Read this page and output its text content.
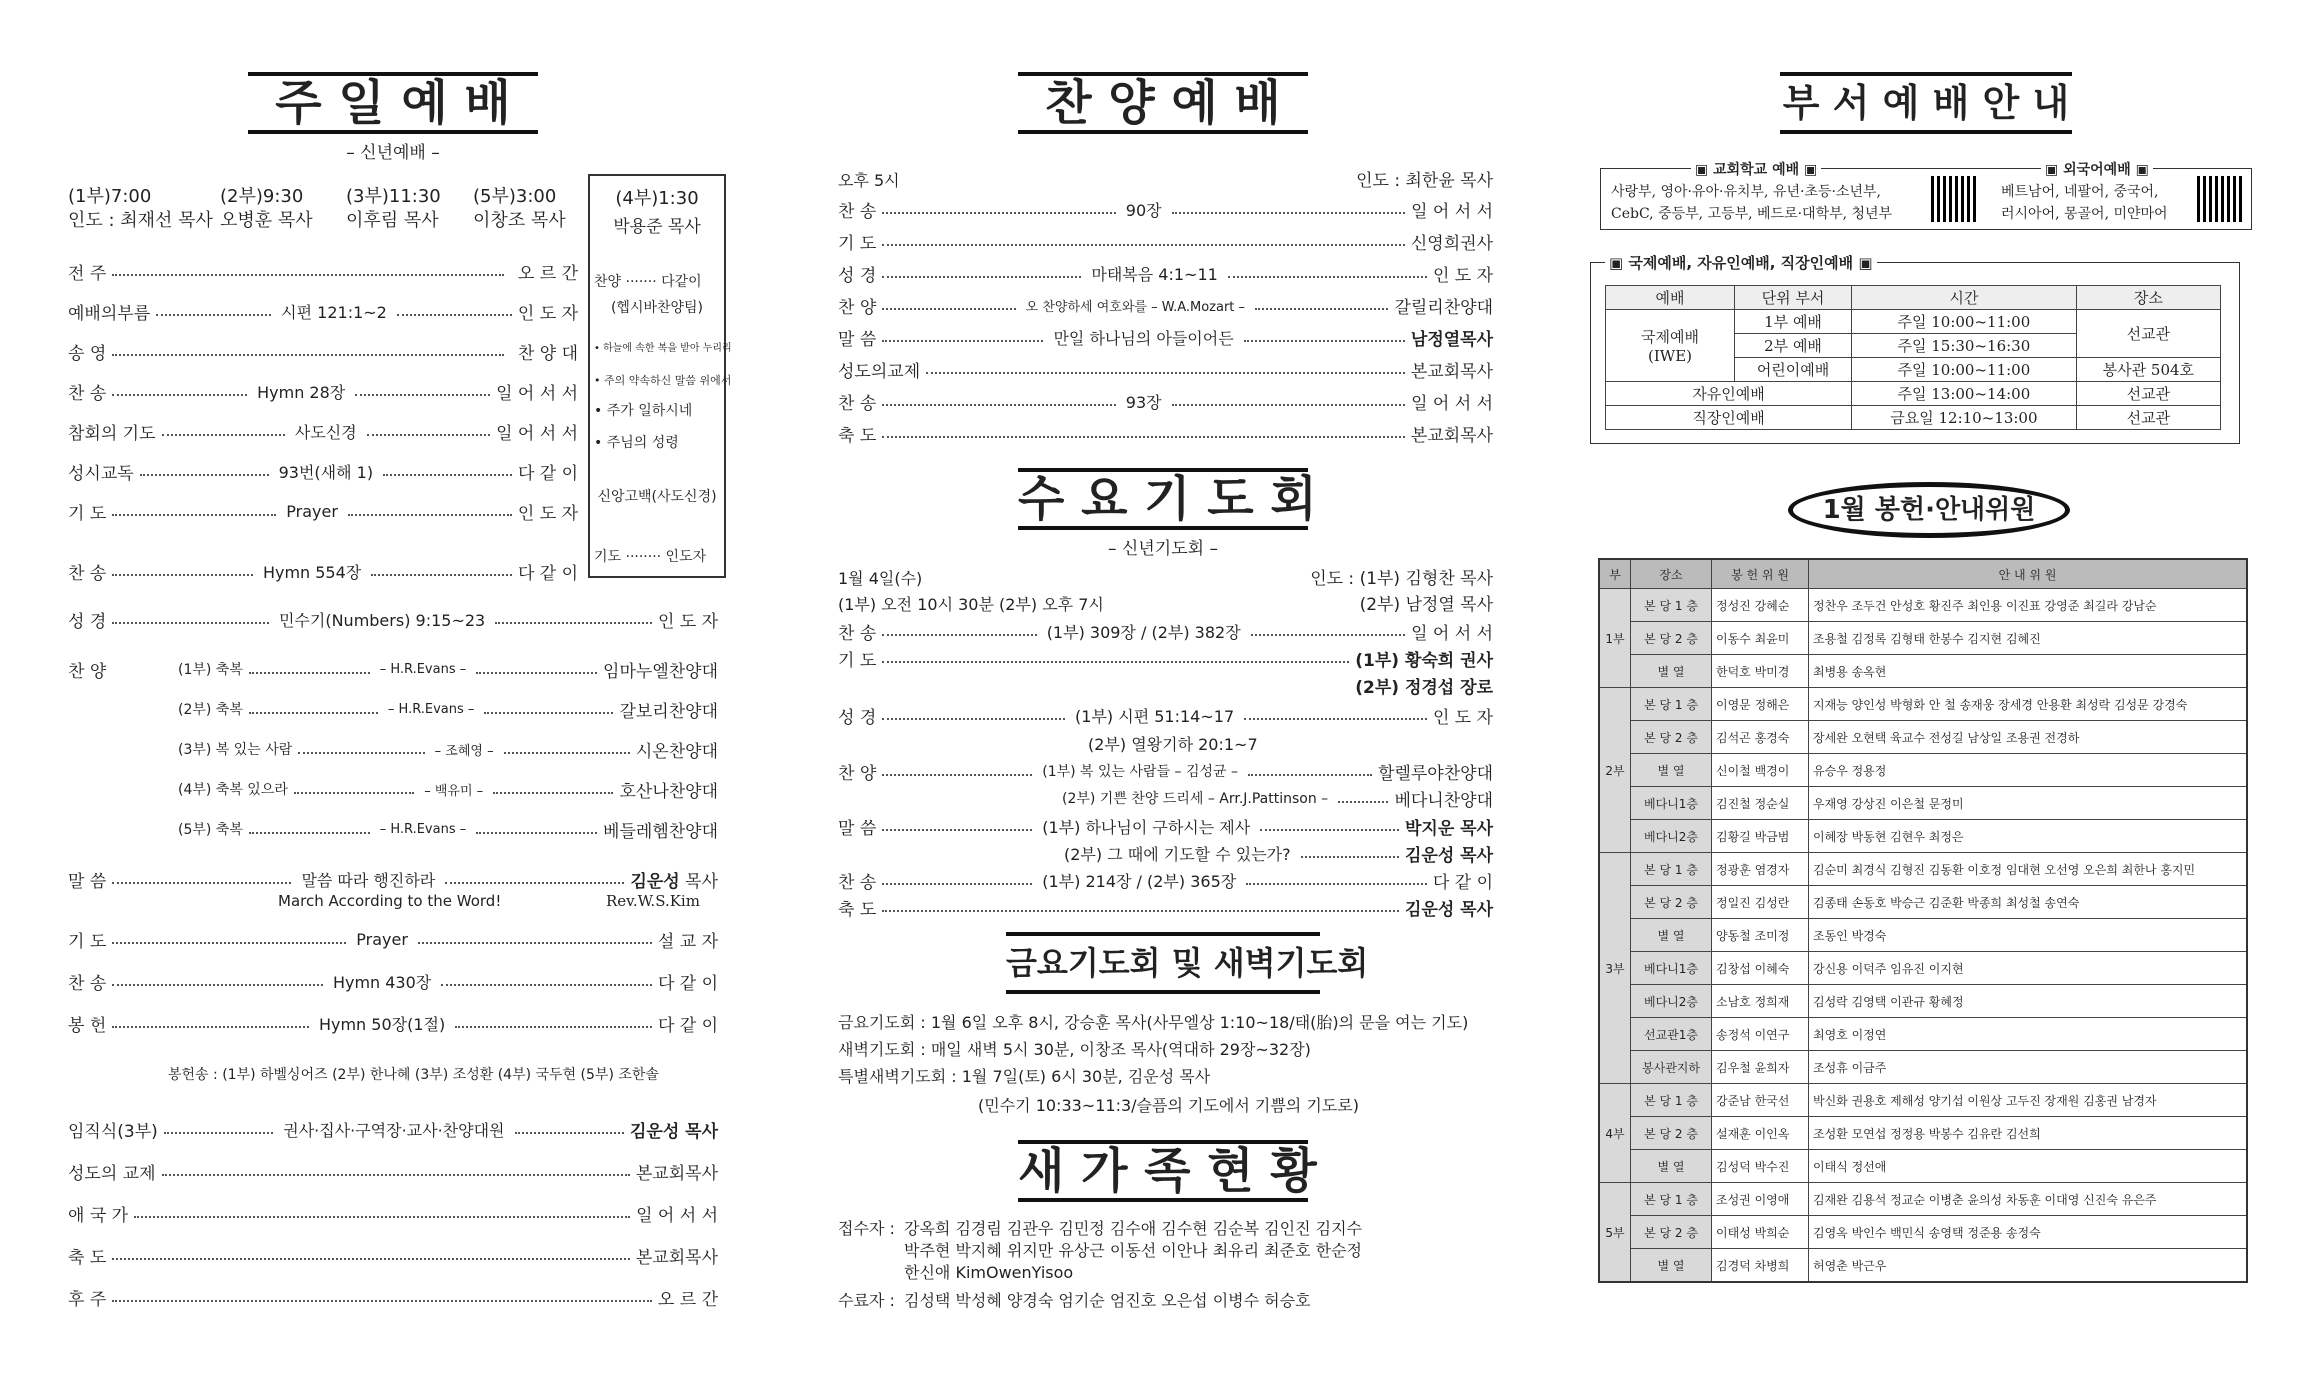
주 일 예 배
– 신년예배 –
(1부)7:00
인도 : 최재선 목사
(2부)9:30
오병훈 목사
(3부)11:30
이후림 목사
(5부)3:00
이창조 목사
(4부)1:30
박용준 목사
찬양 ······· 다같이
(헵시바찬양팀)
• 하늘에 속한 복을 받아 누리리
• 주의 약속하신 말씀 위에서
• 주가 일하시네
• 주님의 성령
신앙고백(사도신경)
기도 ········ 인도자
전 주	오 르 간
예배의부름	시편 121:1~2	인 도 자
송 영	찬 양 대
찬 송	Hymn 28장	일 어 서 서
참회의 기도	사도신경	일 어 서 서
성시교독	93번(새해 1)	다 같 이
기 도	Prayer	인 도 자
찬 송	Hymn 554장	다 같 이
성 경	민수기(Numbers) 9:15~23	인 도 자
찬 양	(1부) 축복	– H.R.Evans –	임마누엘찬양대
(2부) 축복	– H.R.Evans –	갈보리찬양대
(3부) 복 있는 사람	– 조혜영 –	시온찬양대
(4부) 축복 있으라	– 백유미 –	호산나찬양대
(5부) 축복	– H.R.Evans –	베들레헴찬양대
말 씀	말씀 따라 행진하라	김운성 목사
March According to the Word!	Rev.W.S.Kim
기 도	Prayer	설 교 자
찬 송	Hymn 430장	다 같 이
봉 헌	Hymn 50장(1절)	다 같 이
봉헌송 : (1부) 하벨싱어즈 (2부) 한나혜 (3부) 조성환 (4부) 국두현 (5부) 조한솔
임직식(3부)	권사·집사·구역장·교사·찬양대원	김운성 목사
성도의 교제	본교회목사
애 국 가	일 어 서 서
축 도	본교회목사
후 주	오 르 간
찬 양 예 배
오후 5시	인도 : 최한윤 목사
찬 송	90장	일 어 서 서
기 도	신영희권사
성 경	마태복음 4:1~11	인 도 자
찬 양	오 찬양하세 여호와를 – W.A.Mozart –	갈릴리찬양대
말 씀	만일 하나님의 아들이어든	남정열목사
성도의교제	본교회목사
찬 송	93장	일 어 서 서
축 도	본교회목사
수 요 기 도 회
– 신년기도회 –
1월 4일(수)	인도 : (1부) 김형찬 목사
(1부) 오전 10시 30분 (2부) 오후 7시	(2부) 남정열 목사
찬 송	(1부) 309장 / (2부) 382장	일 어 서 서
기 도	(1부) 황숙희 권사
(2부) 정경섭 장로
성 경	(1부) 시편 51:14~17	인 도 자
(2부) 열왕기하 20:1~7
찬 양	(1부) 복 있는 사람들 – 김성균 –	할렐루야찬양대
(2부) 기쁜 찬양 드리세 – Arr.J.Pattinson –	베다니찬양대
말 씀	(1부) 하나님이 구하시는 제사	박지운 목사
(2부) 그 때에 기도할 수 있는가?	김운성 목사
찬 송	(1부) 214장 / (2부) 365장	다 같 이
축 도	김운성 목사
금요기도회 및 새벽기도회
금요기도회 : 1월 6일 오후 8시, 강승훈 목사(사무엘상 1:10~18/태(胎)의 문을 여는 기도)
새벽기도회 : 매일 새벽 5시 30분, 이창조 목사(역대하 29장~32장)
특별새벽기도회 : 1월 7일(토) 6시 30분, 김운성 목사
(민수기 10:33~11:3/슬픔의 기도에서 기쁨의 기도로)
새 가 족 현 황
접수자 : 강옥희 김경림 김관우 김민정 김수애 김수현 김순복 김인진 김지수
박주현 박지혜 위지만 유상근 이동선 이안나 최유리 최준호 한순정
한신애 KimOwenYisoo
수료자 : 김성택 박성혜 양경숙 엄기순 엄진호 오은섭 이병수 허승호
부 서 예 배 안 내
▣ 교회학교 예배 ▣
사랑부, 영아·유아·유치부, 유년·초등·소년부,
CebC, 중등부, 고등부, 베드로·대학부, 청년부
▣ 외국어예배 ▣
베트남어, 네팔어, 중국어,
러시아어, 몽골어, 미얀마어
▣ 국제예배, 자유인예배, 직장인예배 ▣
예배	단위 부서	시간	장소

국제예배
(IWE)	1부 예배	주일 10:00~11:00	선교관
	2부 예배	주일 15:30~16:30	
	어린이예배	주일 10:00~11:00	봉사관 504호
자유인예배		주일 13:00~14:00	선교관
직장인예배		금요일 12:10~13:00	선교관
1월 봉헌·안내위원
부	장소	봉 헌 위 원	안 내 위 원
1부	본 당 1 층	정성진 강혜순	정찬우 조두건 안성호 황진주 최인용 이진표 강영준 최길라 강남순
	본 당 2 층	이동수 최윤미	조용철 김정록 김형태 한봉수 김지현 김혜진
	별 열	한덕호 박미경	최병용 송옥현
2부	본 당 1 층	이영문 정해은	지재능 양인성 박형화 안 철 송재웅 장세경 안용환 최성락 김성문 강경숙
	본 당 2 층	김석곤 홍경숙	장세완 오현택 육교수 전성길 남상일 조용권 전경하
	별 열	신이철 백경이	유승우 정용정
	베다니1층	김진철 정순실	우재영 강상진 이은철 문정미
	베다니2층	김황길 박금범	이혜장 박동현 김현우 최정은
3부	본 당 1 층	정광훈 염경자	김순미 최경식 김형진 김동환 이호정 임대현 오선영 오은희 최한나 홍지민
	본 당 2 층	정일진 김성란	김종태 손동호 박승근 김준환 박종희 최성철 송연숙
	별 열	양동철 조미정	조동인 박경숙
	베다니1층	김창섭 이혜숙	강신용 이덕주 임유진 이지현
	베다니2층	소남호 정희재	김성락 김영택 이관규 황혜정
	선교관1층	송정석 이연구	최영호 이정연
	봉사관지하	김우철 윤희자	조성휴 이금주
4부	본 당 1 층	강준남 한국선	박신화 권용호 제해성 양기섭 이원상 고두진 장재원 김홍권 남경자
	본 당 2 층	설재훈 이인옥	조성환 모연섭 정정용 박봉수 김유란 김선희
	별 열	김성덕 박수진	이태식 정선애
5부	본 당 1 층	조성권 이영애	김재완 김용석 정교순 이병춘 윤의성 차동훈 이대영 신진숙 유은주
	본 당 2 층	이태성 박희순	김영옥 박인수 백민식 송영택 정준용 송정숙
	별 열	김경덕 차병희	허영춘 박근우
